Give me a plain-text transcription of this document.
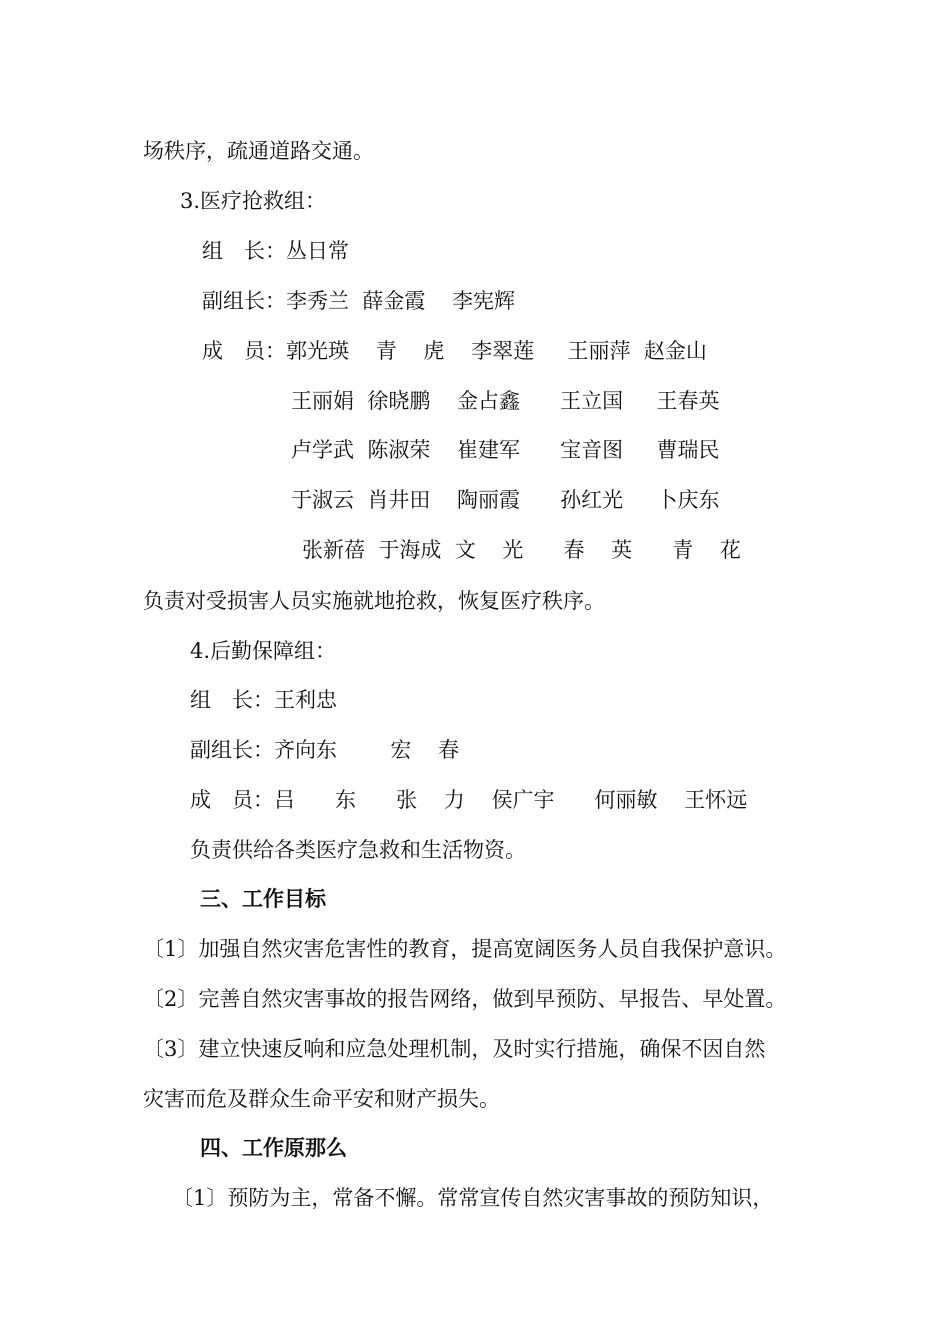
场秩序，疏通道路交通。
3.医疗抢救组：
组　长：丛日常
副组长：李秀兰  薛金霞    李宪辉
成　员：郭光瑛    青    虎    李翠莲     王丽萍  赵金山
王丽娟  徐晓鹏    金占鑫      王立国     王春英
卢学武  陈淑荣    崔建军      宝音图     曹瑞民
于淑云  肖井田    陶丽霞      孙红光     卜庆东
张新蓓  于海成  文    光      春    英      青    花
负责对受损害人员实施就地抢救，恢复医疗秩序。
4.后勤保障组：
组　长：王利忠
副组长：齐向东        宏    春
成　员：吕      东      张    力    侯广宇      何丽敏    王怀远
负责供给各类医疗急救和生活物资。
三、工作目标
〔1〕加强自然灾害危害性的教育，提高宽阔医务人员自我保护意识。
〔2〕完善自然灾害事故的报告网络，做到早预防、早报告、早处置。
〔3〕建立快速反响和应急处理机制，及时实行措施，确保不因自然
灾害而危及群众生命平安和财产损失。
四、工作原那么
〔1〕预防为主，常备不懈。常常宣传自然灾害事故的预防知识，
